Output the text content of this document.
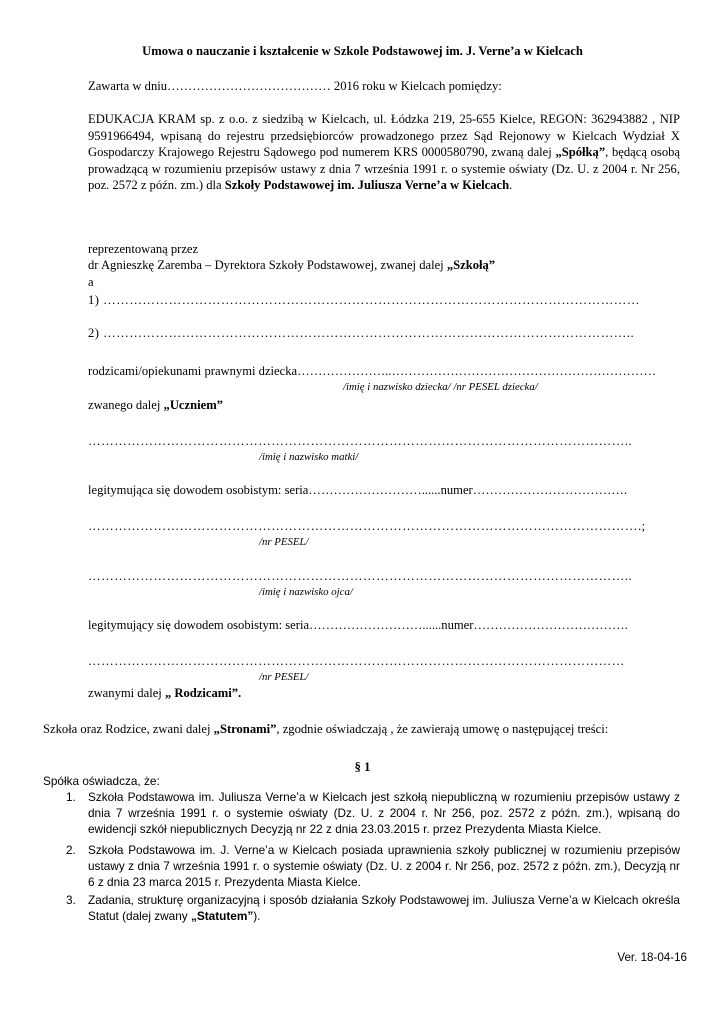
Umowa o nauczanie i kształcenie w Szkole Podstawowej im. J. Verne’a w Kielcach
Zawarta w dniu………………………………… 2016 roku w Kielcach pomiędzy:
EDUKACJA KRAM sp. z o.o. z siedzibą w Kielcach, ul. Łódzka 219, 25-655 Kielce, REGON: 362943882 , NIP 9591966494, wpisaną do rejestru przedsiębiorców prowadzonego przez Sąd Rejonowy w Kielcach Wydział X Gospodarczy Krajowego Rejestru Sądowego pod numerem KRS 0000580790, zwaną dalej „Spółką”, będącą osobą prowadzącą w rozumieniu przepisów ustawy z dnia 7 września 1991 r. o systemie oświaty (Dz. U. z 2004 r. Nr 256, poz. 2572 z późn. zm.) dla Szkoły Podstawowej im. Juliusza Verne’a w Kielcach.
reprezentowaną przez
dr Agnieszkę Zaremba – Dyrektora Szkoły Podstawowej, zwanej dalej „Szkołą”
a
1) ……………………………………………………………………………………………………………
2) …………………………………………………………………………………………………………..
rodzicami/opiekunami prawnymi dziecka…………………..………………………………………………………
/imię i nazwisko dziecka/ /nr PESEL dziecka/
zwanego dalej „Uczniem”
……………………………………………………………………………………………………………..
/imię i nazwisko matki/
legitymująca się dowodem osobistym: seria………………………......numer……………………………….
……………………………………………………………………………………………………………….;
/nr PESEL/
……………………………………………………………………………………………………………..
/imię i nazwisko ojca/
legitymujący się dowodem osobistym: seria………………………......numer……………………………….
……………………………………………………………………………………………………………
/nr PESEL/
zwanymi dalej „ Rodzicami”.
Szkoła oraz Rodzice, zwani dalej „Stronami”, zgodnie oświadczają , że zawierają umowę o następującej treści:
§ 1
Spółka oświadcza, że:
1. Szkoła Podstawowa im. Juliusza Verne’a w Kielcach jest szkołą niepubliczną w rozumieniu przepisów ustawy z dnia 7 września 1991 r. o systemie oświaty (Dz. U. z 2004 r. Nr 256, poz. 2572 z późn. zm.), wpisaną do ewidencji szkół niepublicznych Decyzją nr 22 z dnia 23.03.2015 r. przez Prezydenta Miasta Kielce.
2. Szkoła Podstawowa im. J. Verne’a w Kielcach posiada uprawnienia szkoły publicznej w rozumieniu przepisów ustawy z dnia 7 września 1991 r. o systemie oświaty (Dz. U. z 2004 r. Nr 256, poz. 2572 z późn. zm.), Decyzją nr 6 z dnia 23 marca 2015 r. Prezydenta Miasta Kielce.
3. Zadania, strukturę organizacyjną i sposób działania Szkoły Podstawowej im. Juliusza Verne’a w Kielcach określa Statut (dalej zwany „Statutem”).
Ver. 18-04-16
